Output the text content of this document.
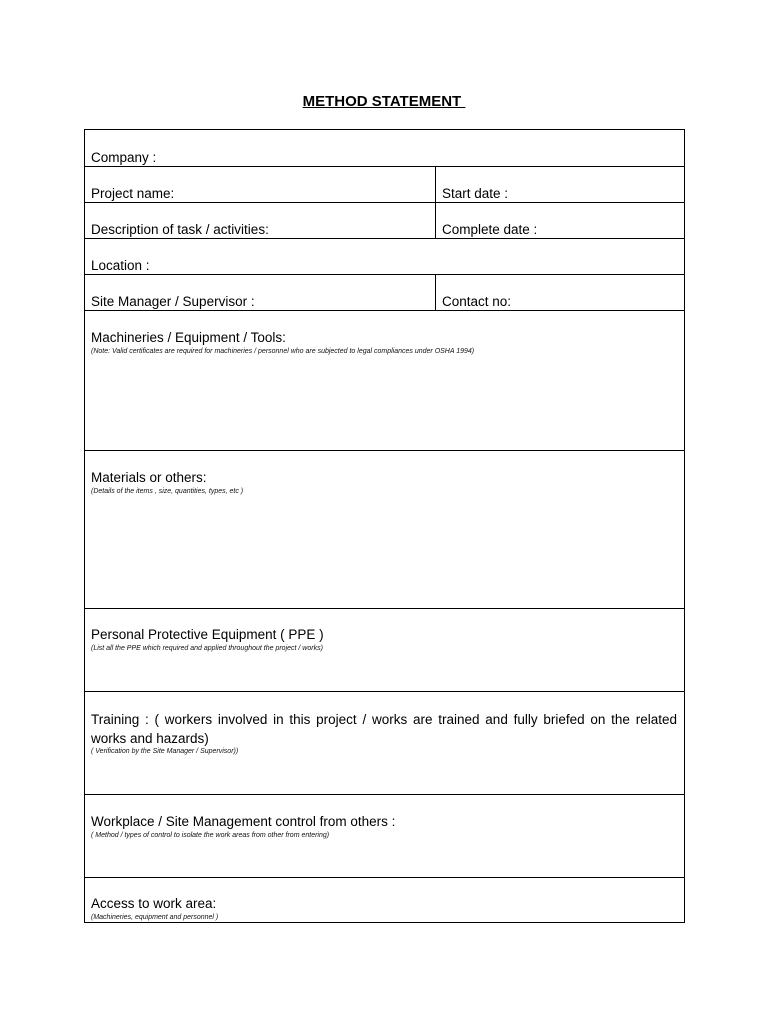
METHOD STATEMENT
Company :
Project name:	Start date :
Description of task / activities:	Complete date :
Location :
Site Manager / Supervisor :	Contact no:
Machineries / Equipment / Tools:
(Note: Valid certificates are required for machineries / personnel who are subjected to legal compliances under OSHA 1994)
Materials or others:
(Details of the items , size, quantities, types, etc )
Personal Protective Equipment ( PPE )
(List all the PPE which required and applied throughout the project / works)
Training : ( workers involved in this project / works are trained and fully briefed on the related works and hazards)
( Verification by the Site Manager / Supervisor))
Workplace / Site Management control from others :
( Method / types of control to isolate the work areas from other from entering)
Access to work area:
(Machineries, equipment and personnel )
